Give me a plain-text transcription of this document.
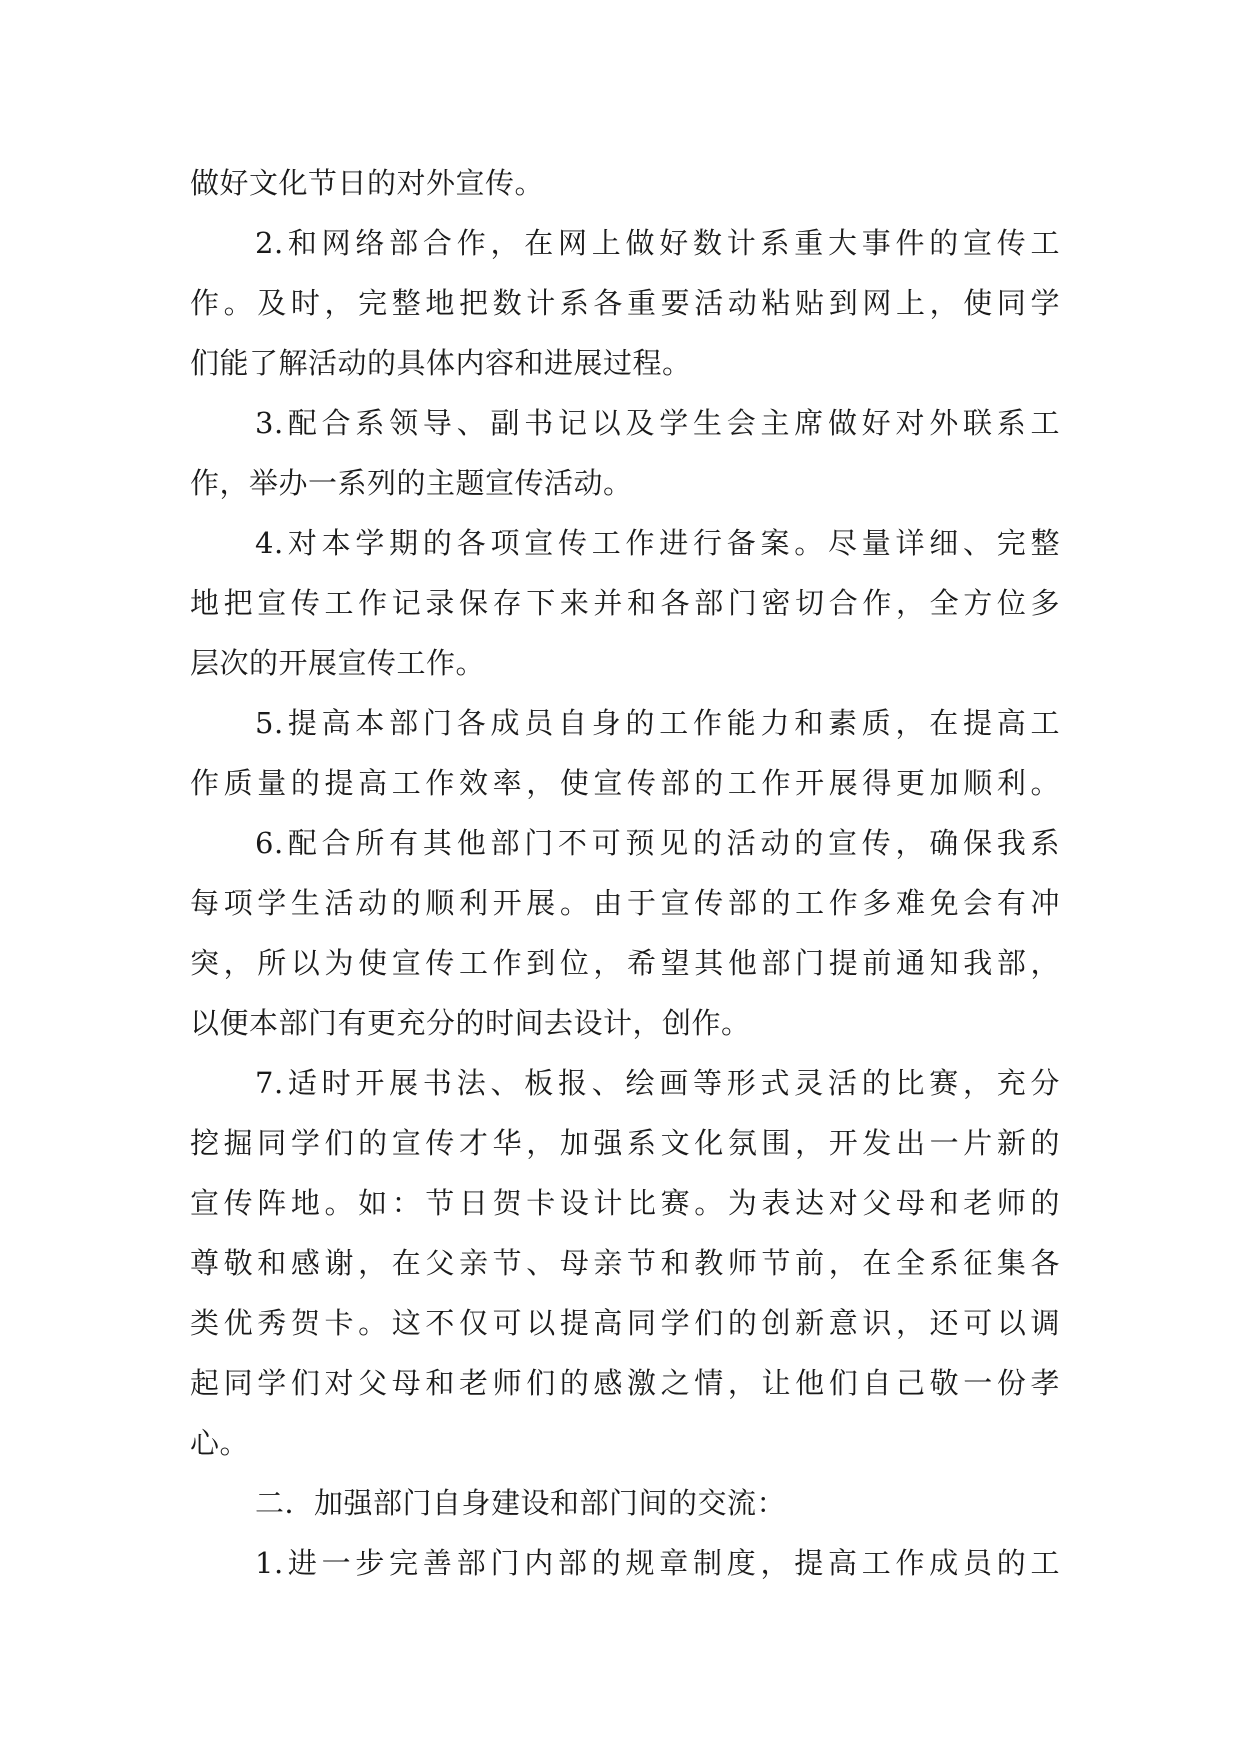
做好文化节日的对外宣传。
2.和网络部合作，在网上做好数计系重大事件的宣传工
作。及时，完整地把数计系各重要活动粘贴到网上，使同学
们能了解活动的具体内容和进展过程。
3.配合系领导、副书记以及学生会主席做好对外联系工
作，举办一系列的主题宣传活动。
4.对本学期的各项宣传工作进行备案。尽量详细、完整
地把宣传工作记录保存下来并和各部门密切合作，全方位多
层次的开展宣传工作。
5.提高本部门各成员自身的工作能力和素质，在提高工
作质量的提高工作效率，使宣传部的工作开展得更加顺利。
6.配合所有其他部门不可预见的活动的宣传，确保我系
每项学生活动的顺利开展。由于宣传部的工作多难免会有冲
突，所以为使宣传工作到位，希望其他部门提前通知我部，
以便本部门有更充分的时间去设计，创作。
7.适时开展书法、板报、绘画等形式灵活的比赛，充分
挖掘同学们的宣传才华，加强系文化氛围，开发出一片新的
宣传阵地。如：节日贺卡设计比赛。为表达对父母和老师的
尊敬和感谢，在父亲节、母亲节和教师节前，在全系征集各
类优秀贺卡。这不仅可以提高同学们的创新意识，还可以调
起同学们对父母和老师们的感激之情，让他们自己敬一份孝
心。
二．加强部门自身建设和部门间的交流：
1.进一步完善部门内部的规章制度，提高工作成员的工
